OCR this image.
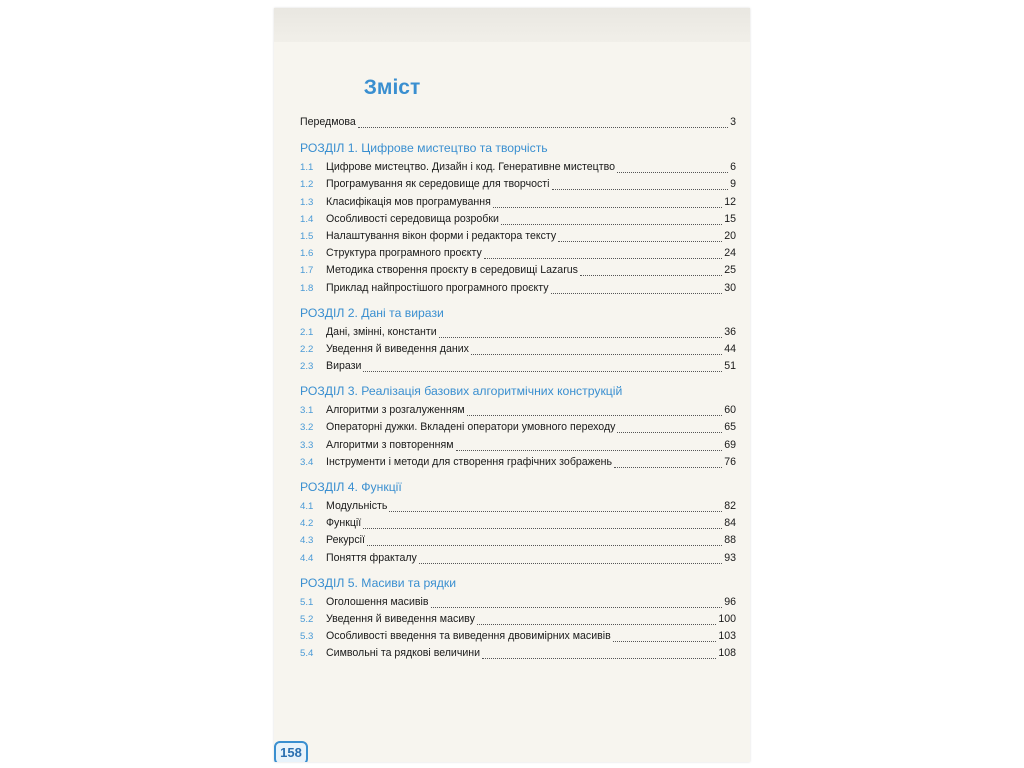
Зміст
Передмова	3
РОЗДІЛ 1. Цифрове мистецтво та творчість
1.1	Цифрове мистецтво. Дизайн і код. Генеративне мистецтво	6
1.2	Програмування як середовище для творчості	9
1.3	Класифікація мов програмування	12
1.4	Особливості середовища розробки	15
1.5	Налаштування вікон форми і редактора тексту	20
1.6	Структура програмного проєкту	24
1.7	Методика створення проєкту в середовищі Lazarus	25
1.8	Приклад найпростішого програмного проєкту	30
РОЗДІЛ 2. Дані та вирази
2.1	Дані, змінні, константи	36
2.2	Уведення й виведення даних	44
2.3	Вирази	51
РОЗДІЛ 3. Реалізація базових алгоритмічних конструкцій
3.1	Алгоритми з розгалуженням	60
3.2	Операторні дужки. Вкладені оператори умовного переходу	65
3.3	Алгоритми з повторенням	69
3.4	Інструменти і методи для створення графічних зображень	76
РОЗДІЛ 4. Функції
4.1	Модульність	82
4.2	Функції	84
4.3	Рекурсії	88
4.4	Поняття фракталу	93
РОЗДІЛ 5. Масиви та рядки
5.1	Оголошення масивів	96
5.2	Уведення й виведення масиву	100
5.3	Особливості введення та виведення двовимірних масивів	103
5.4	Символьні та рядкові величини	108
158
